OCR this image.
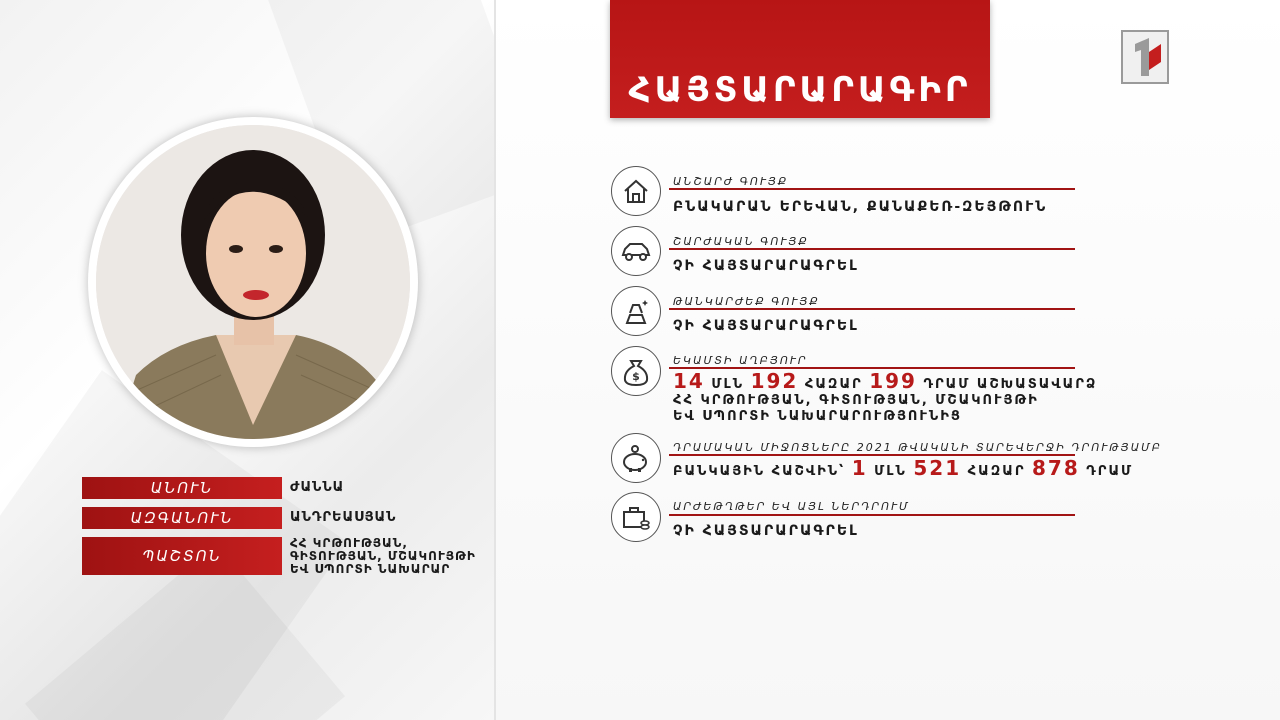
ԱՆՈՒՆ	ԺԱՆՆԱ
ԱԶԳԱՆՈՒՆ	ԱՆԴՐԵԱՍՅԱՆ
ՊԱՇՏՈՆ
ՀՀ ԿՐԹՈՒԹՅԱՆ,
ԳԻՏՈՒԹՅԱՆ, ՄՇԱԿՈՒՅԹԻ
ԵՎ ՍՊՈՐՏԻ ՆԱԽԱՐԱՐ
ՀԱՅՏԱՐԱՐԱԳԻՐ
ԱՆՇԱՐԺ ԳՈՒՅՔ
ԲՆԱԿԱՐԱՆ ԵՐԵՎԱՆ, ՔԱՆԱՔԵՌ-ԶԵՅԹՈՒՆ
ՇԱՐԺԱԿԱՆ ԳՈՒՅՔ
ՉԻ ՀԱՅՏԱՐԱՐԱԳՐԵԼ
ԹԱՆԿԱՐԺԵՔ ԳՈՒՅՔ
ՉԻ ՀԱՅՏԱՐԱՐԱԳՐԵԼ
$
ԵԿԱՄՏԻ ԱՂԲՅՈՒՐ
14 ՄԼՆ 192 ՀԱԶԱՐ 199 ԴՐԱՄ ԱՇԽԱՏԱՎԱՐՁ
ՀՀ ԿՐԹՈՒԹՅԱՆ, ԳԻՏՈՒԹՅԱՆ, ՄՇԱԿՈՒՅԹԻ
ԵՎ ՍՊՈՐՏԻ ՆԱԽԱՐԱՐՈՒԹՅՈՒՆԻՑ
ԴՐԱՄԱԿԱՆ ՄԻՋՈՑՆԵՐԸ 2021 ԹՎԱԿԱՆԻ ՏԱՐԵՎԵՐՋԻ ԴՐՈՒԹՅԱՄԲ
ԲԱՆԿԱՅԻՆ ՀԱՇՎԻՆ՝ 1 ՄԼՆ 521 ՀԱԶԱՐ 878 ԴՐԱՄ
ԱՐԺԵԹՂԹԵՐ ԵՎ ԱՅԼ ՆԵՐԴՐՈՒՄ
ՉԻ ՀԱՅՏԱՐԱՐԱԳՐԵԼ
